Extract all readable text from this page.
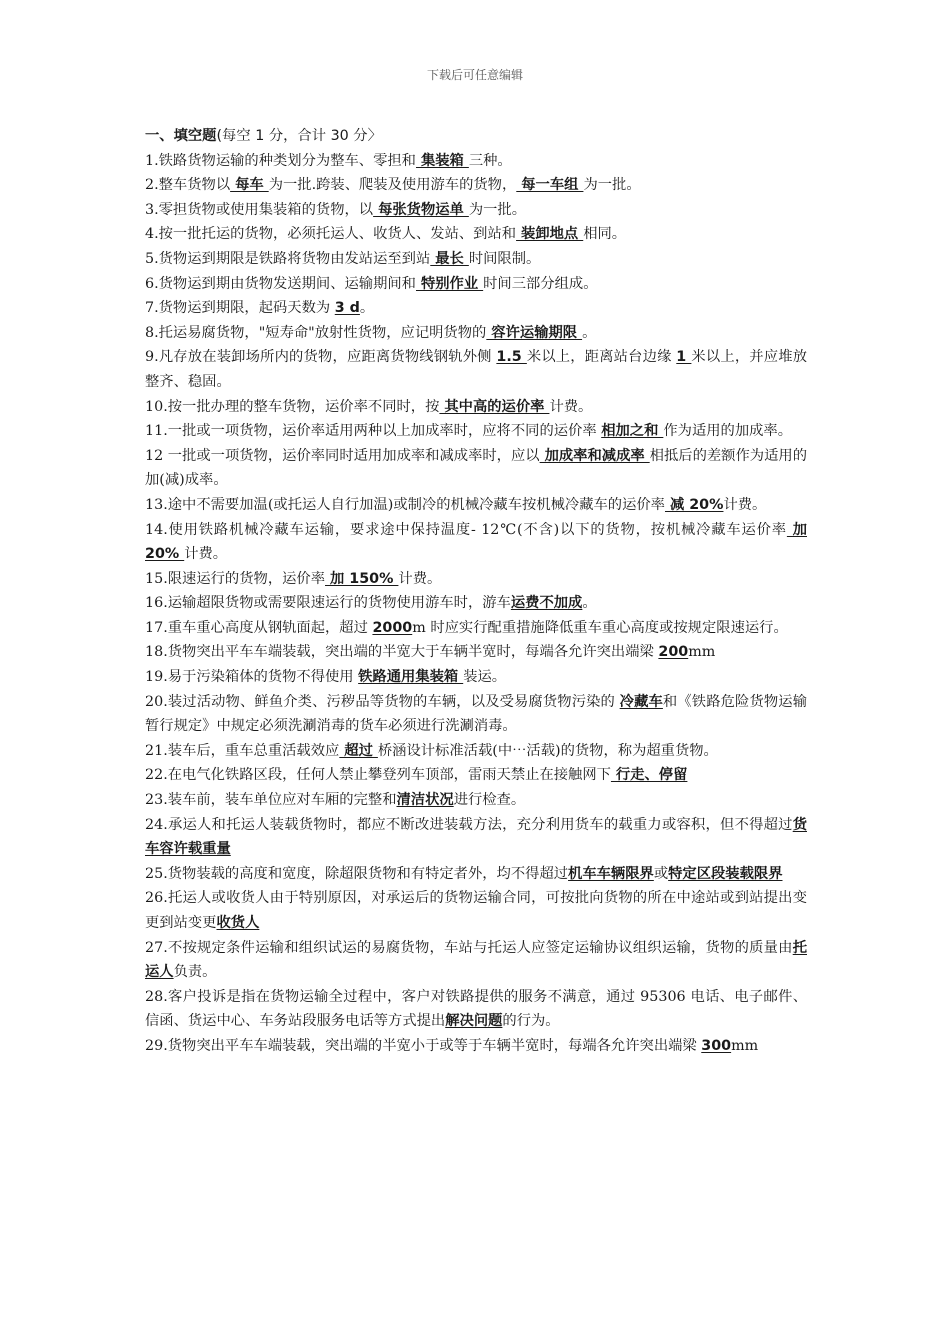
下载后可任意编辑

一、填空题(每空 1 分，合计 30 分〉

1.铁路货物运输的种类划分为整车、零担和 集装箱 三种。

2.整车货物以 每车 为一批.跨装、爬装及使用游车的货物， 每一车组 为一批。

3.零担货物或使用集装箱的货物，以 每张货物运单 为一批。

4.按一批托运的货物，必须托运人、收货人、发站、到站和 装卸地点 相同。

5.货物运到期限是铁路将货物由发站运至到站 最长 时间限制。

6.货物运到期由货物发送期间、运输期间和 特别作业 时间三部分组成。

7.货物运到期限，起码天数为 3 d。

8.托运易腐货物，"短寿命"放射性货物，应记明货物的 容许运输期限 。

9.凡存放在装卸场所内的货物，应距离货物线钢轨外侧 1.5 米以上，距离站台边缘 1 米以上，并应堆放整齐、稳固。

10.按一批办理的整车货物，运价率不同时，按 其中高的运价率 计费。

11.一批或一项货物，运价率适用两种以上加成率时，应将不同的运价率 相加之和 作为适用的加成率。

12 一批或一项货物，运价率同时适用加成率和减成率时，应以 加成率和减成率 相抵后的差额作为适用的加(减)成率。

13.途中不需要加温(或托运人自行加温)或制冷的机械冷藏车按机械冷藏车的运价率 减 20%计费。

14.使用铁路机械冷藏车运输，要求途中保持温度- 12℃(不含)以下的货物，按机械冷藏车运价率 加 20% 计费。

15.限速运行的货物，运价率 加 150% 计费。

16.运输超限货物或需要限速运行的货物使用游车时，游车运费不加成。

17.重车重心高度从钢轨面起，超过 2000m 时应实行配重措施降低重车重心高度或按规定限速运行。

18.货物突出平车车端装载，突出端的半宽大于车辆半宽时，每端各允许突出端梁 200mm

19.易于污染箱体的货物不得使用 铁路通用集装箱 装运。

20.装过活动物、鲜鱼介类、污秽品等货物的车辆，以及受易腐货物污染的 冷藏车和《铁路危险货物运输暂行规定》中规定必须洗涮消毒的货车必须进行洗涮消毒。

21.装车后，重车总重活载效应 超过 桥涵设计标准活载(中⋯活载)的货物，称为超重货物。

22.在电气化铁路区段，任何人禁止攀登列车顶部，雷雨天禁止在接触网下 行走、停留

23.装车前，装车单位应对车厢的完整和清洁状况进行检查。

24.承运人和托运人装载货物时，都应不断改进装载方法，充分利用货车的载重力或容积，但不得超过货车容许载重量

25.货物装载的高度和宽度，除超限货物和有特定者外，均不得超过机车车辆限界或特定区段装载限界

26.托运人或收货人由于特别原因，对承运后的货物运输合同，可按批向货物的所在中途站或到站提出变更到站变更收货人

27.不按规定条件运输和组织试运的易腐货物，车站与托运人应签定运输协议组织运输，货物的质量由托运人负责。

28.客户投诉是指在货物运输全过程中，客户对铁路提供的服务不满意，通过 95306 电话、电子邮件、信函、货运中心、车务站段服务电话等方式提出解决问题的行为。

29.货物突出平车车端装载，突出端的半宽小于或等于车辆半宽时，每端各允许突出端梁 300mm
